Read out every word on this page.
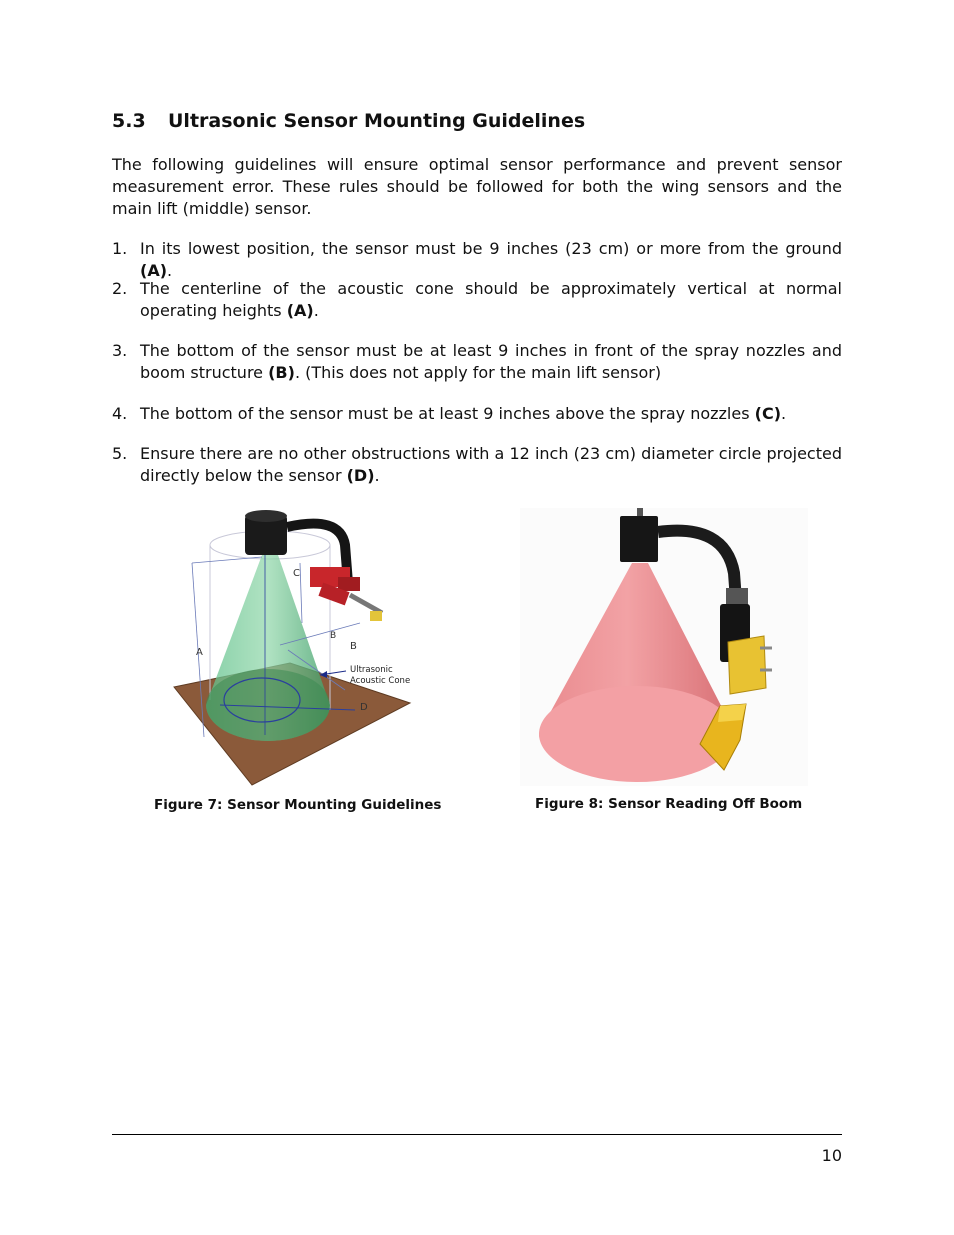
5.3 Ultrasonic Sensor Mounting Guidelines
The following guidelines will ensure optimal sensor performance and prevent sensor measurement error. These rules should be followed for both the wing sensors and the main lift (middle) sensor.
1. In its lowest position, the sensor must be 9 inches (23 cm) or more from the ground (A).
2. The centerline of the acoustic cone should be approximately vertical at normal operating heights (A).
3. The bottom of the sensor must be at least 9 inches in front of the spray nozzles and boom structure (B). (This does not apply for the main lift sensor)
4. The bottom of the sensor must be at least 9 inches above the spray nozzles (C).
5. Ensure there are no other obstructions with a 12 inch (23 cm) diameter circle projected directly below the sensor (D).
A
C
B
B
D
Ultrasonic
Acoustic Cone
Figure 7: Sensor Mounting Guidelines	Figure 8: Sensor Reading Off Boom
10
